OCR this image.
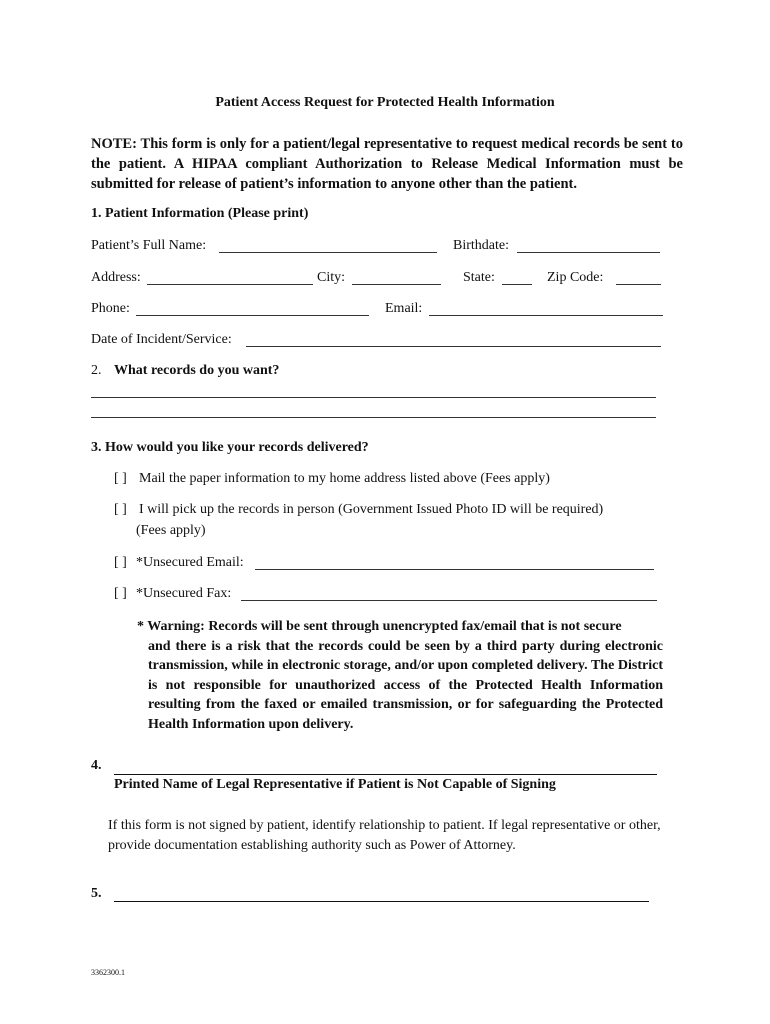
Patient Access Request for Protected Health Information
NOTE: This form is only for a patient/legal representative to request medical records be sent to the patient. A HIPAA compliant Authorization to Release Medical Information must be submitted for release of patient’s information to anyone other than the patient.
1. Patient Information (Please print)
Patient’s Full Name:	Birthdate:
Address:	City:	State:	Zip Code:
Phone:	Email:
Date of Incident/Service:
2. What records do you want?
3. How would you like your records delivered?
[ ] Mail the paper information to my home address listed above (Fees apply)
[ ] I will pick up the records in person (Government Issued Photo ID will be required)
(Fees apply)
[ ] *Unsecured Email:
[ ] *Unsecured Fax:
* Warning: Records will be sent through unencrypted fax/email that is not secure
and there is a risk that the records could be seen by a third party during electronic transmission, while in electronic storage, and/or upon completed delivery. The District is not responsible for unauthorized access of the Protected Health Information resulting from the faxed or emailed transmission, or for safeguarding the Protected Health Information upon delivery.
4.
Printed Name of Legal Representative if Patient is Not Capable of Signing
If this form is not signed by patient, identify relationship to patient. If legal representative or other, provide documentation establishing authority such as Power of Attorney.
5.
3362300.1
